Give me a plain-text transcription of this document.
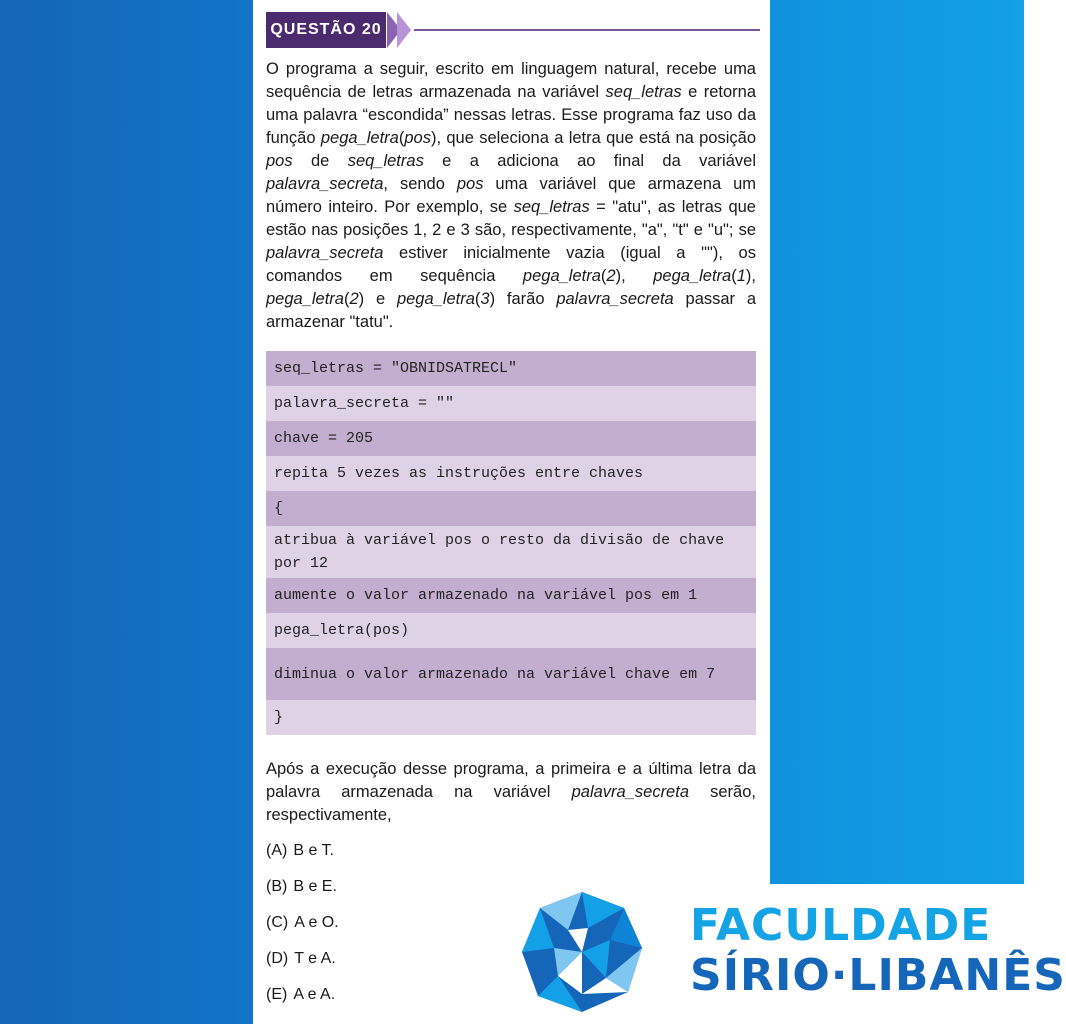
QUESTÃO 20
O programa a seguir, escrito em linguagem natural, recebe uma sequência de letras armazenada na variável seq_letras e retorna uma palavra “escondida” nessas letras. Esse programa faz uso da função pega_letra(pos), que seleciona a letra que está na posição pos de seq_letras e a adiciona ao final da variável palavra_secreta, sendo pos uma variável que armazena um número inteiro. Por exemplo, se seq_letras = "atu", as letras que estão nas posições 1, 2 e 3 são, respectivamente, "a", "t" e "u"; se palavra_secreta estiver inicialmente vazia (igual a ""), os comandos em sequência pega_letra(2), pega_letra(1), pega_letra(2) e pega_letra(3) farão palavra_secreta passar a armazenar "tatu".
seq_letras = "OBNIDSATRECL"
palavra_secreta = ""
chave = 205
repita 5 vezes as instruções entre chaves
{
atribua à variável pos o resto da divisão de chave por 12
aumente o valor armazenado na variável pos em 1
pega_letra(pos)
diminua o valor armazenado na variável chave em 7
}
Após a execução desse programa, a primeira e a última letra da palavra armazenada na variável palavra_secreta serão, respectivamente,
(A) B e T.
(B) B e E.
(C) A e O.
(D) T e A.
(E) A e A.
FACULDADE
SÍRIO·LIBANÊS
